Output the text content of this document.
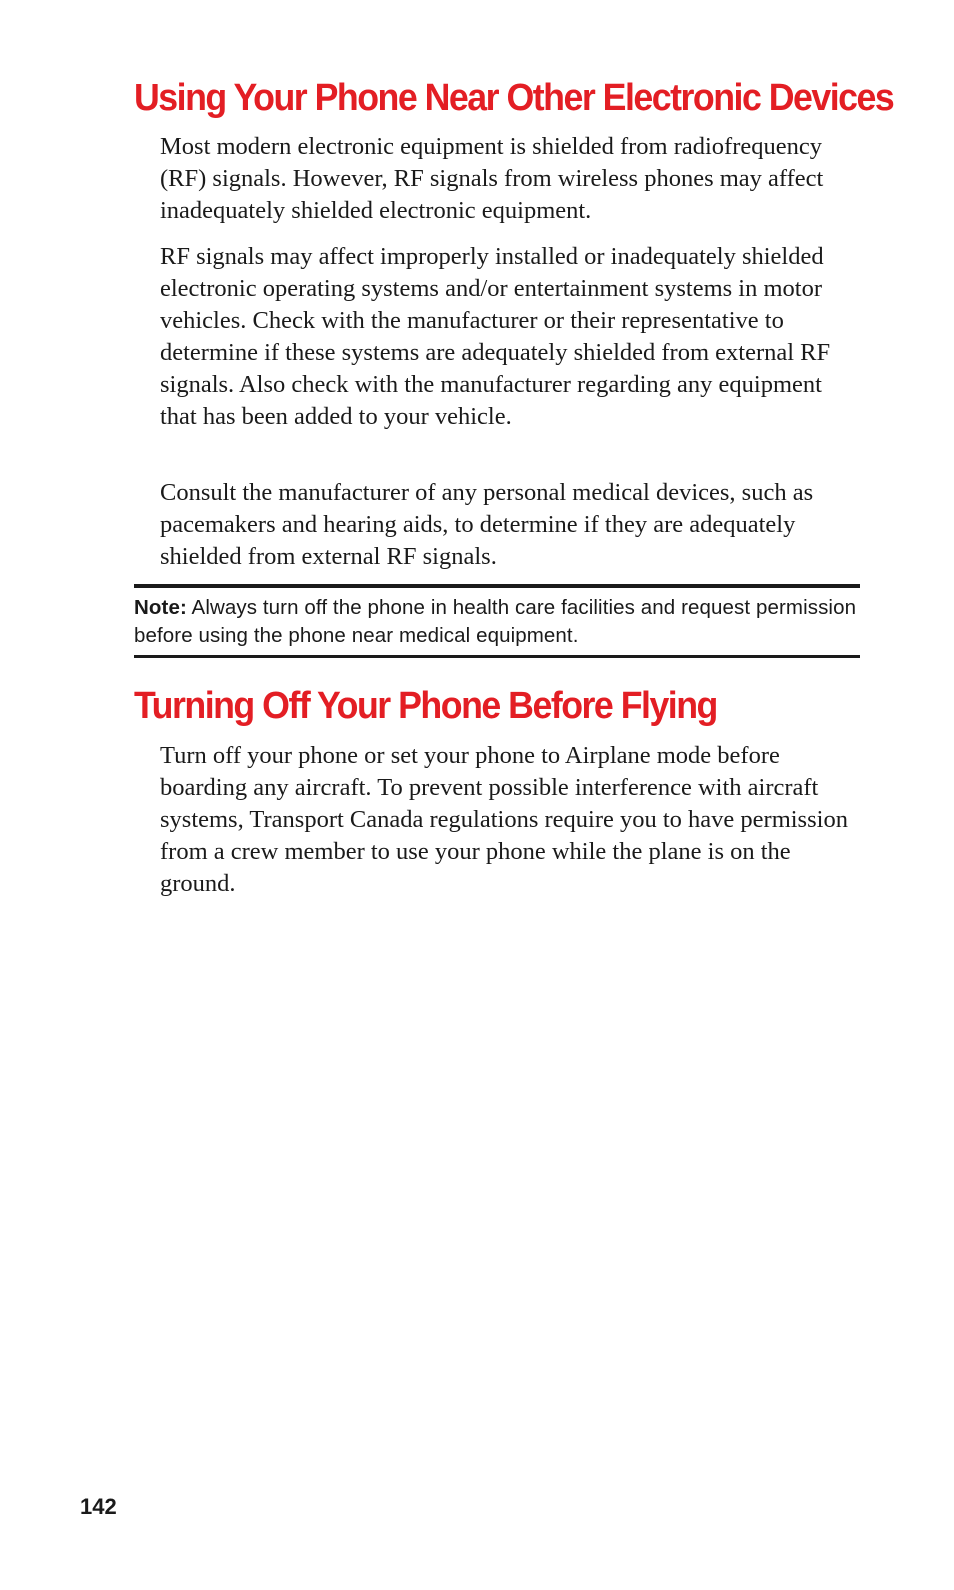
Using Your Phone Near Other Electronic Devices

Most modern electronic equipment is shielded from radiofrequency (RF) signals. However, RF signals from wireless phones may affect inadequately shielded electronic equipment.

RF signals may affect improperly installed or inadequately shielded electronic operating systems and/or entertainment systems in motor vehicles. Check with the manufacturer or their representative to determine if these systems are adequately shielded from external RF signals. Also check with the manufacturer regarding any equipment that has been added to your vehicle.

Consult the manufacturer of any personal medical devices, such as pacemakers and hearing aids, to determine if they are adequately shielded from external RF signals.

Note: Always turn off the phone in health care facilities and request permission before using the phone near medical equipment.
Turning Off Your Phone Before Flying

Turn off your phone or set your phone to Airplane mode before boarding any aircraft. To prevent possible interference with aircraft systems, Transport Canada regulations require you to have permission from a crew member to use your phone while the plane is on the ground.

142
